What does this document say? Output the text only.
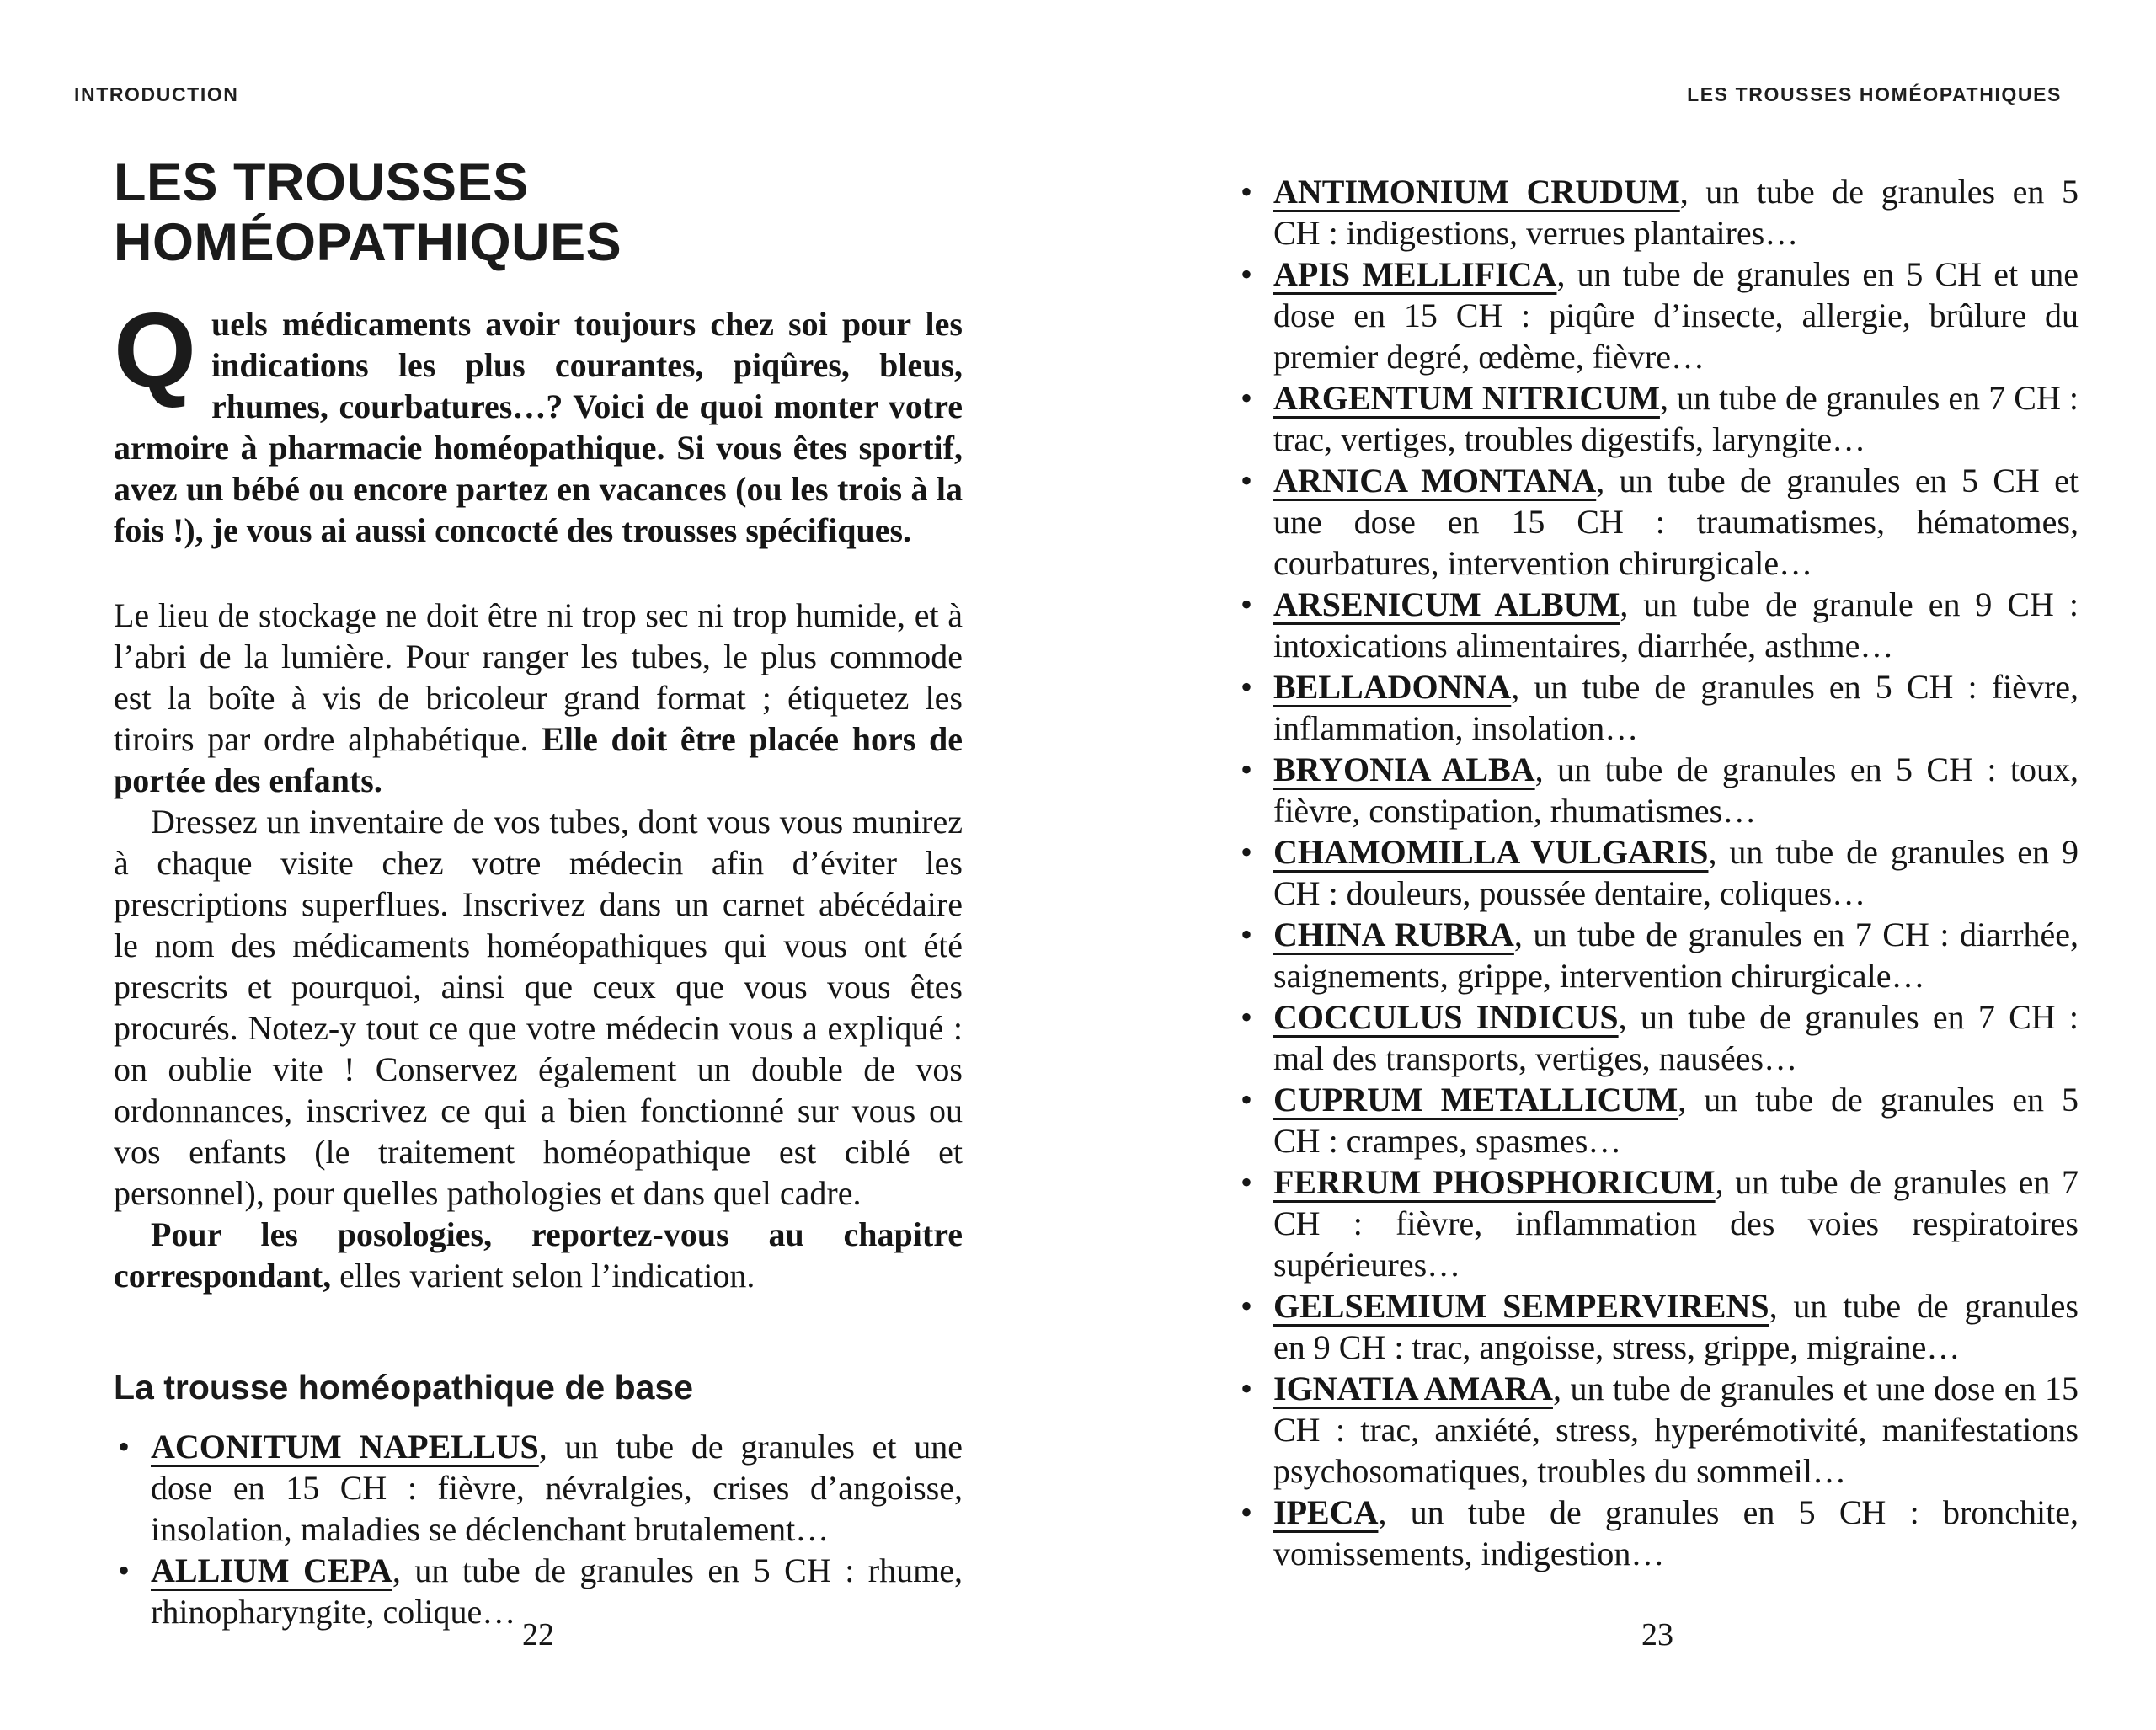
INTRODUCTION	LES TROUSSES HOMÉOPATHIQUES
LES TROUSSES
HOMÉOPATHIQUES

Quels médicaments avoir toujours chez soi pour les indications les plus courantes, piqûres, bleus, rhumes, courbatures…? Voici de quoi monter votre armoire à pharmacie homéopathique. Si vous êtes sportif, avez un bébé ou encore partez en vacances (ou les trois à la fois !), je vous ai aussi concocté des trousses spécifiques.

Le lieu de stockage ne doit être ni trop sec ni trop humide, et à l’abri de la lumière. Pour ranger les tubes, le plus commode est la boîte à vis de bricoleur grand format ; étiquetez les tiroirs par ordre alphabétique. Elle doit être placée hors de portée des enfants.

Dressez un inventaire de vos tubes, dont vous vous munirez à chaque visite chez votre médecin afin d’éviter les prescriptions superflues. Inscrivez dans un carnet abécédaire le nom des médicaments homéopathiques qui vous ont été prescrits et pourquoi, ainsi que ceux que vous vous êtes procurés. Notez-y tout ce que votre médecin vous a expliqué : on oublie vite ! Conservez également un double de vos ordonnances, inscrivez ce qui a bien fonctionné sur vous ou vos enfants (le traitement homéopathique est ciblé et personnel), pour quelles pathologies et dans quel cadre.

Pour les posologies, reportez-vous au chapitre correspondant, elles varient selon l’indication.

La trousse homéopathique de base
• ACONITUM NAPELLUS, un tube de granules et une dose en 15 CH : fièvre, névralgies, crises d’angoisse, insolation, maladies se déclenchant brutalement…
• ALLIUM CEPA, un tube de granules en 5 CH : rhume, rhinopharyngite, colique…
• ANTIMONIUM CRUDUM, un tube de granules en 5 CH : indigestions, verrues plantaires…
• APIS MELLIFICA, un tube de granules en 5 CH et une dose en 15 CH : piqûre d’insecte, allergie, brûlure du premier degré, œdème, fièvre…
• ARGENTUM NITRICUM, un tube de granules en 7 CH : trac, vertiges, troubles digestifs, laryngite…
• ARNICA MONTANA, un tube de granules en 5 CH et une dose en 15 CH : traumatismes, hématomes, courbatures, intervention chirurgicale…
• ARSENICUM ALBUM, un tube de granule en 9 CH : intoxications alimentaires, diarrhée, asthme…
• BELLADONNA, un tube de granules en 5 CH : fièvre, inflammation, insolation…
• BRYONIA ALBA, un tube de granules en 5 CH : toux, fièvre, constipation, rhumatismes…
• CHAMOMILLA VULGARIS, un tube de granules en 9 CH : douleurs, poussée dentaire, coliques…
• CHINA RUBRA, un tube de granules en 7 CH : diarrhée, saignements, grippe, intervention chirurgicale…
• COCCULUS INDICUS, un tube de granules en 7 CH : mal des transports, vertiges, nausées…
• CUPRUM METALLICUM, un tube de granules en 5 CH : crampes, spasmes…
• FERRUM PHOSPHORICUM, un tube de granules en 7 CH : fièvre, inflammation des voies respiratoires supérieures…
• GELSEMIUM SEMPERVIRENS, un tube de granules en 9 CH : trac, angoisse, stress, grippe, migraine…
• IGNATIA AMARA, un tube de granules et une dose en 15 CH : trac, anxiété, stress, hyperémotivité, manifestations psychosomatiques, troubles du sommeil…
• IPECA, un tube de granules en 5 CH : bronchite, vomissements, indigestion…
22	23
